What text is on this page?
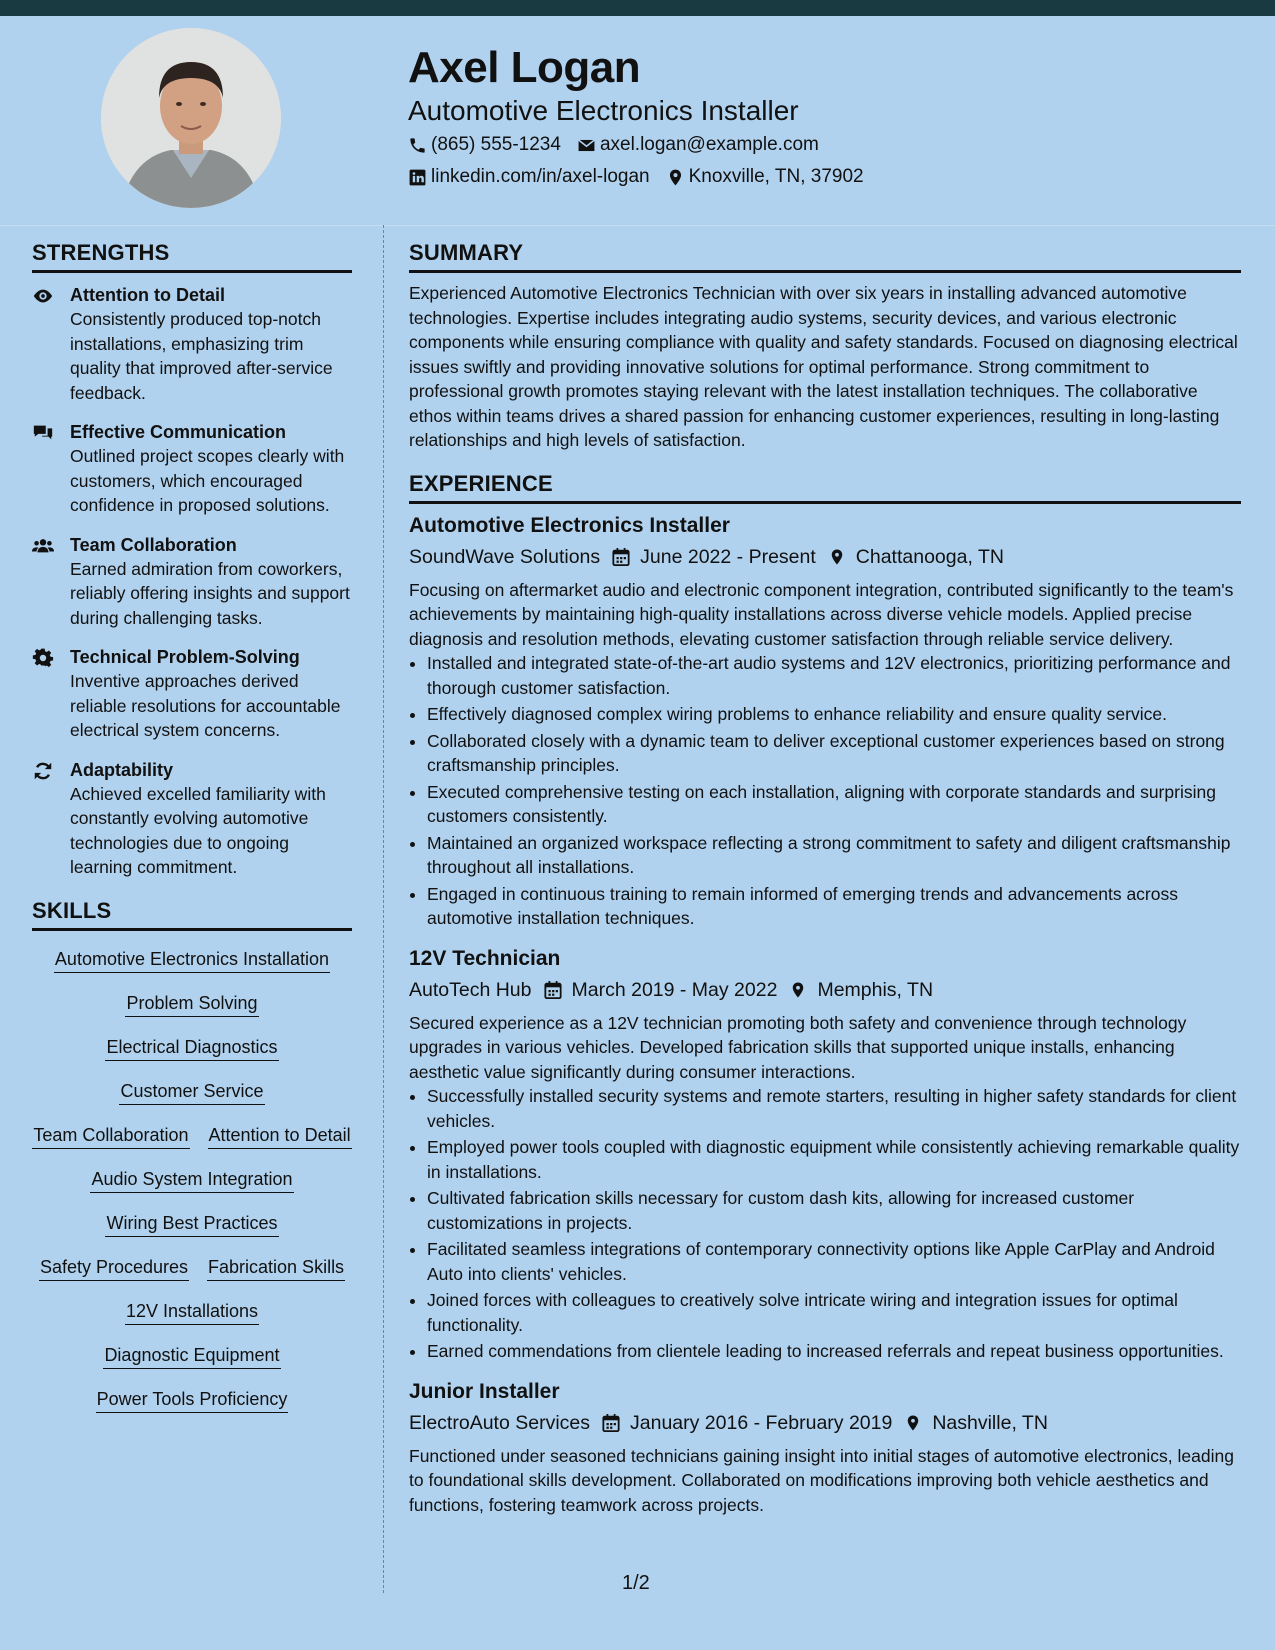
Axel Logan
Automotive Electronics Installer
(865) 555-1234 axel.logan@example.com
linkedin.com/in/axel-logan Knoxville, TN, 37902
STRENGTHS
Attention to Detail
Consistently produced top-notch installations, emphasizing trim quality that improved after-service feedback.
Effective Communication
Outlined project scopes clearly with customers, which encouraged confidence in proposed solutions.
Team Collaboration
Earned admiration from coworkers, reliably offering insights and support during challenging tasks.
Technical Problem-Solving
Inventive approaches derived reliable resolutions for accountable electrical system concerns.
Adaptability
Achieved excelled familiarity with constantly evolving automotive technologies due to ongoing learning commitment.
SKILLS
Automotive Electronics Installation
Problem Solving
Electrical Diagnostics
Customer Service
Team Collaboration Attention to Detail
Audio System Integration
Wiring Best Practices
Safety Procedures Fabrication Skills
12V Installations
Diagnostic Equipment
Power Tools Proficiency
SUMMARY
Experienced Automotive Electronics Technician with over six years in installing advanced automotive technologies. Expertise includes integrating audio systems, security devices, and various electronic components while ensuring compliance with quality and safety standards. Focused on diagnosing electrical issues swiftly and providing innovative solutions for optimal performance. Strong commitment to professional growth promotes staying relevant with the latest installation techniques. The collaborative ethos within teams drives a shared passion for enhancing customer experiences, resulting in long-lasting relationships and high levels of satisfaction.
EXPERIENCE
Automotive Electronics Installer
SoundWave Solutions June 2022 - Present Chattanooga, TN
Focusing on aftermarket audio and electronic component integration, contributed significantly to the team's achievements by maintaining high-quality installations across diverse vehicle models. Applied precise diagnosis and resolution methods, elevating customer satisfaction through reliable service delivery.
• Installed and integrated state-of-the-art audio systems and 12V electronics, prioritizing performance and thorough customer satisfaction.
• Effectively diagnosed complex wiring problems to enhance reliability and ensure quality service.
• Collaborated closely with a dynamic team to deliver exceptional customer experiences based on strong craftsmanship principles.
• Executed comprehensive testing on each installation, aligning with corporate standards and surprising customers consistently.
• Maintained an organized workspace reflecting a strong commitment to safety and diligent craftsmanship throughout all installations.
• Engaged in continuous training to remain informed of emerging trends and advancements across automotive installation techniques.
12V Technician
AutoTech Hub March 2019 - May 2022 Memphis, TN
Secured experience as a 12V technician promoting both safety and convenience through technology upgrades in various vehicles. Developed fabrication skills that supported unique installs, enhancing aesthetic value significantly during consumer interactions.
• Successfully installed security systems and remote starters, resulting in higher safety standards for client vehicles.
• Employed power tools coupled with diagnostic equipment while consistently achieving remarkable quality in installations.
• Cultivated fabrication skills necessary for custom dash kits, allowing for increased customer customizations in projects.
• Facilitated seamless integrations of contemporary connectivity options like Apple CarPlay and Android Auto into clients' vehicles.
• Joined forces with colleagues to creatively solve intricate wiring and integration issues for optimal functionality.
• Earned commendations from clientele leading to increased referrals and repeat business opportunities.
Junior Installer
ElectroAuto Services January 2016 - February 2019 Nashville, TN
Functioned under seasoned technicians gaining insight into initial stages of automotive electronics, leading to foundational skills development. Collaborated on modifications improving both vehicle aesthetics and functions, fostering teamwork across projects.
1/2
